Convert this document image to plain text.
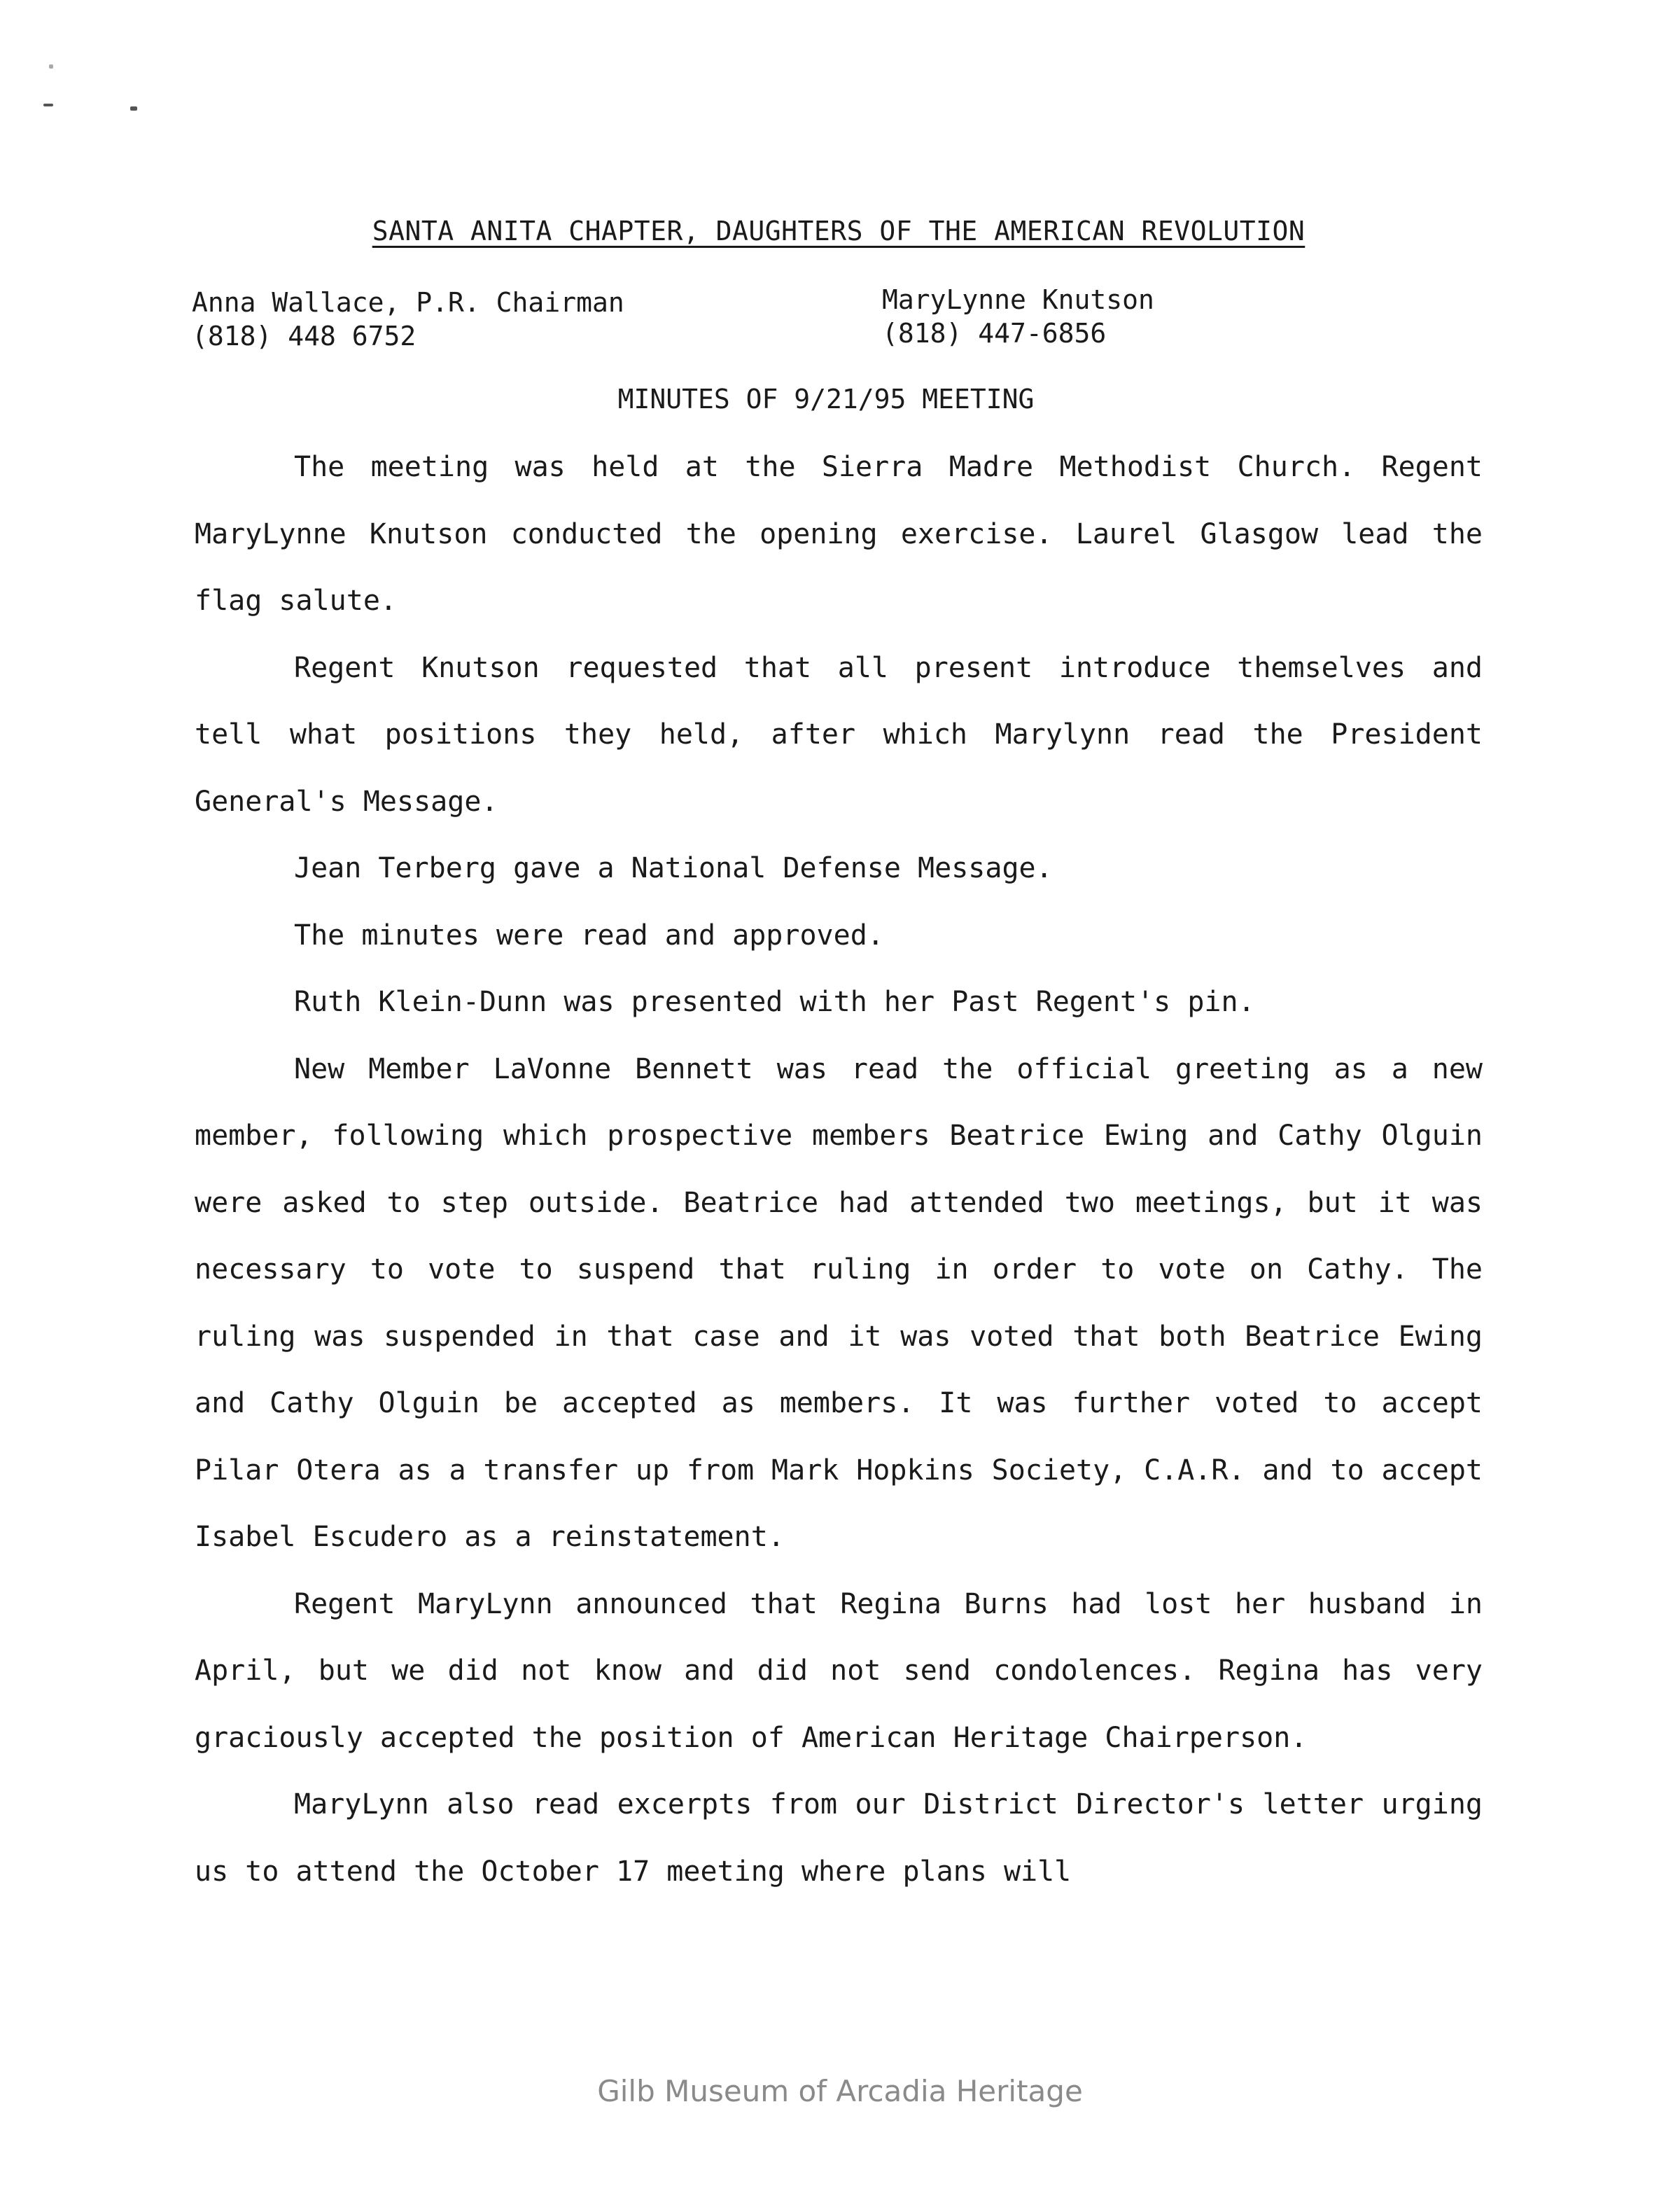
SANTA ANITA CHAPTER, DAUGHTERS OF THE AMERICAN REVOLUTION
Anna Wallace, P.R. Chairman
(818) 448 6752
MaryLynne Knutson
(818) 447-6856
MINUTES OF 9/21/95 MEETING

The meeting was held at the Sierra Madre Methodist Church. Regent MaryLynne Knutson conducted the opening exercise. Laurel Glasgow lead the flag salute.

Regent Knutson requested that all present introduce themselves and tell what positions they held, after which Marylynn read the President General's Message.

Jean Terberg gave a National Defense Message.

The minutes were read and approved.

Ruth Klein-Dunn was presented with her Past Regent's pin.

New Member LaVonne Bennett was read the official greeting as a new member, following which prospective members Beatrice Ewing and Cathy Olguin were asked to step outside. Beatrice had attended two meetings, but it was necessary to vote to suspend that ruling in order to vote on Cathy. The ruling was suspended in that case and it was voted that both Beatrice Ewing and Cathy Olguin be accepted as members. It was further voted to accept Pilar Otera as a transfer up from Mark Hopkins Society, C.A.R. and to accept Isabel Escudero as a reinstatement.

Regent MaryLynn announced that Regina Burns had lost her husband in April, but we did not know and did not send condolences. Regina has very graciously accepted the position of American Heritage Chairperson.

MaryLynn also read excerpts from our District Director's letter urging us to attend the October 17 meeting where plans will

Gilb Museum of Arcadia Heritage
